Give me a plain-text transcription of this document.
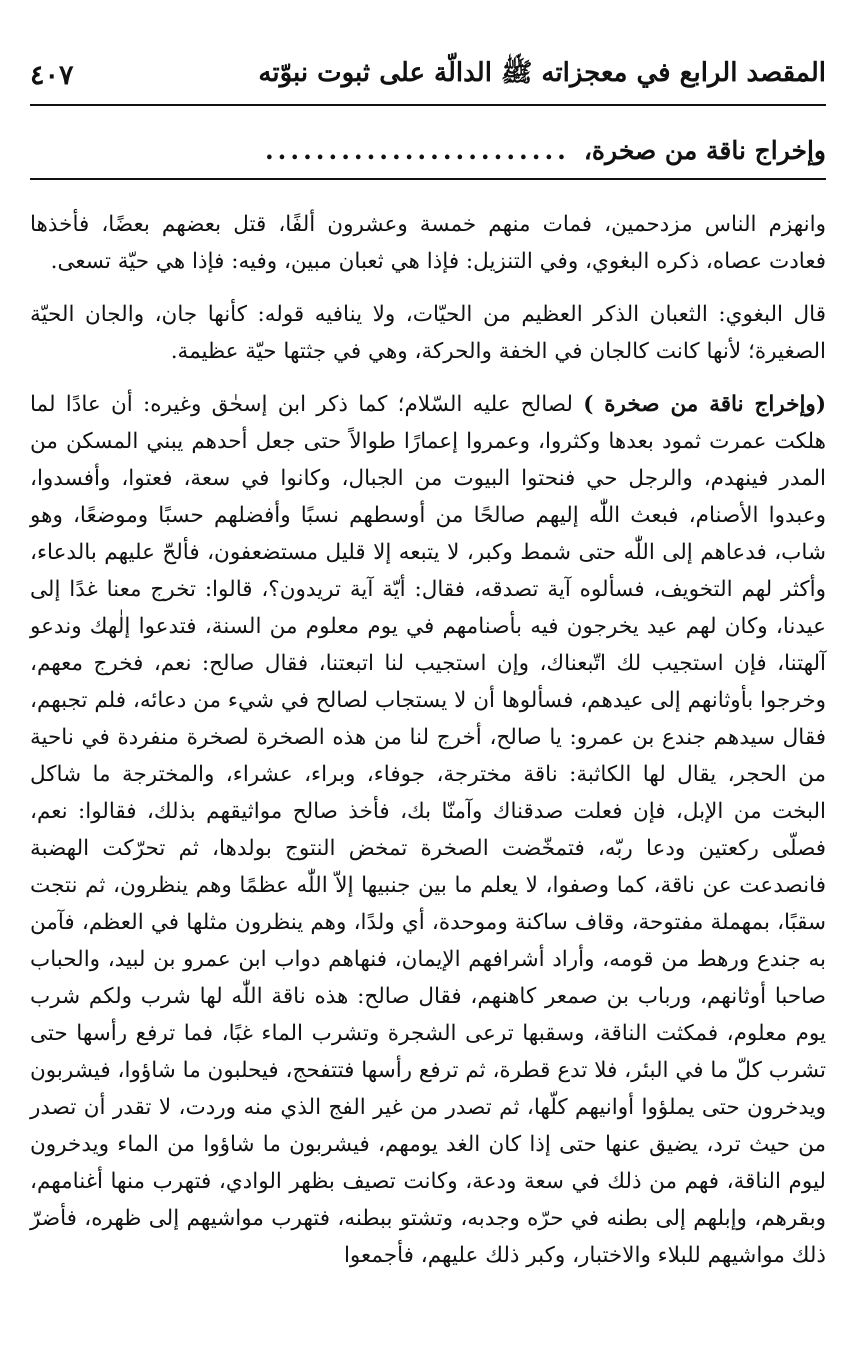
المقصد الرابع في معجزاته ﷺ الدالّة على ثبوت نبوّته
٤٠٧
وإخراج ناقة من صخرة،
........................

وانهزم الناس مزدحمين، فمات منهم خمسة وعشرون ألفًا، قتل بعضهم بعضًا، فأخذها فعادت عصاه، ذكره البغوي، وفي التنزيل: فإذا هي ثعبان مبين، وفيه: فإذا هي حيّة تسعى.

قال البغوي: الثعبان الذكر العظيم من الحيّات، ولا ينافيه قوله: كأنها جان، والجان الحيّة الصغيرة؛ لأنها كانت كالجان في الخفة والحركة، وهي في جثتها حيّة عظيمة.

(وإخراج ناقة من صخرة ) لصالح عليه السّلام؛ كما ذكر ابن إسحٰق وغيره: أن عادًا لما هلكت عمرت ثمود بعدها وكثروا، وعمروا إعمارًا طوالاً حتى جعل أحدهم يبني المسكن من المدر فينهدم، والرجل حي فنحتوا البيوت من الجبال، وكانوا في سعة، فعتوا، وأفسدوا، وعبدوا الأصنام، فبعث اللّٰه إليهم صالحًا من أوسطهم نسبًا وأفضلهم حسبًا وموضعًا، وهو شاب، فدعاهم إلى اللّٰه حتى شمط وكبر، لا يتبعه إلا قليل مستضعفون، فألحّ عليهم بالدعاء، وأكثر لهم التخويف، فسألوه آية تصدقه، فقال: أيّة آية تريدون؟، قالوا: تخرج معنا غدًا إلى عيدنا، وكان لهم عيد يخرجون فيه بأصنامهم في يوم معلوم من السنة، فتدعوا إلٰهك وندعو آلهتنا، فإن استجيب لك اتّبعناك، وإن استجيب لنا اتبعتنا، فقال صالح: نعم، فخرج معهم، وخرجوا بأوثانهم إلى عيدهم، فسألوها أن لا يستجاب لصالح في شيء من دعائه، فلم تجبهم، فقال سيدهم جندع بن عمرو: يا صالح، أخرج لنا من هذه الصخرة لصخرة منفردة في ناحية من الحجر، يقال لها الكاثبة: ناقة مخترجة، جوفاء، وبراء، عشراء، والمخترجة ما شاكل البخت من الإبل، فإن فعلت صدقناك وآمنّا بك، فأخذ صالح مواثيقهم بذلك، فقالوا: نعم، فصلّى ركعتين ودعا ربّه، فتمخّضت الصخرة تمخض النتوج بولدها، ثم تحرّكت الهضبة فانصدعت عن ناقة، كما وصفوا، لا يعلم ما بين جنبيها إلاّ اللّٰه عظمًا وهم ينظرون، ثم نتجت سقبًا، بمهملة مفتوحة، وقاف ساكنة وموحدة، أي ولدًا، وهم ينظرون مثلها في العظم، فآمن به جندع ورهط من قومه، وأراد أشرافهم الإيمان، فنهاهم دواب ابن عمرو بن لبيد، والحباب صاحبا أوثانهم، ورباب بن صمعر كاهنهم، فقال صالح: هذه ناقة اللّٰه لها شرب ولكم شرب يوم معلوم، فمكثت الناقة، وسقبها ترعى الشجرة وتشرب الماء غبًا، فما ترفع رأسها حتى تشرب كلّ ما في البئر، فلا تدع قطرة، ثم ترفع رأسها فتتفحج، فيحلبون ما شاؤوا، فيشربون ويدخرون حتى يملؤوا أوانيهم كلّها، ثم تصدر من غير الفج الذي منه وردت، لا تقدر أن تصدر من حيث ترد، يضيق عنها حتى إذا كان الغد يومهم، فيشربون ما شاؤوا من الماء ويدخرون ليوم الناقة، فهم من ذلك في سعة ودعة، وكانت تصيف بظهر الوادي، فتهرب منها أغنامهم، وبقرهم، وإبلهم إلى بطنه في حرّه وجدبه، وتشتو ببطنه، فتهرب مواشيهم إلى ظهره، فأضرّ ذلك مواشيهم للبلاء والاختبار، وكبر ذلك عليهم، فأجمعوا
